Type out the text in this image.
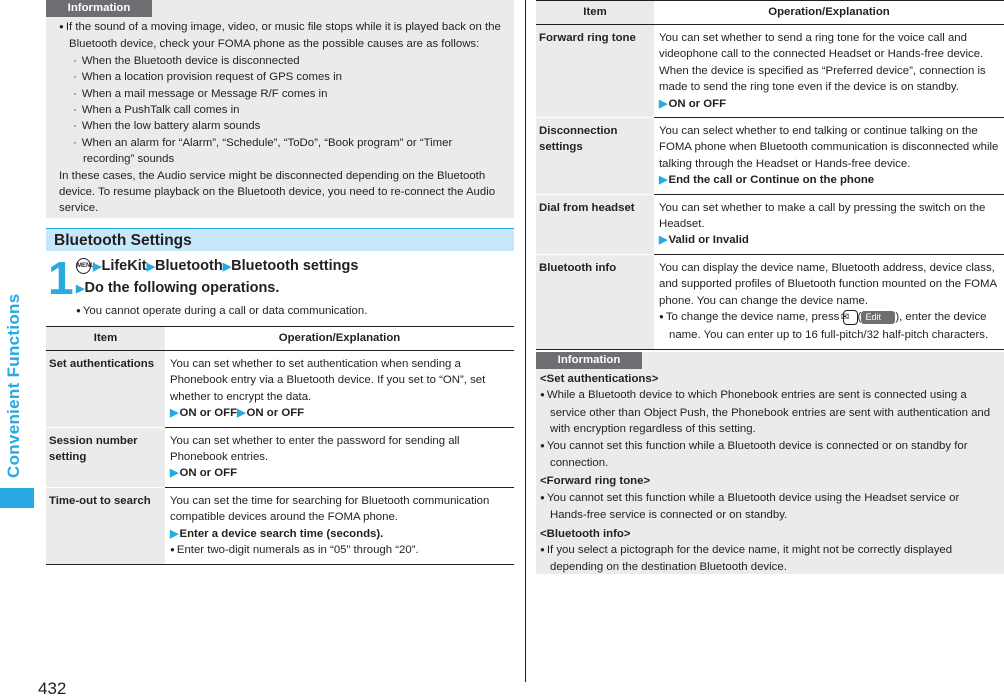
Convenient Functions
432
Information

● If the sound of a moving image, video, or music file stops while it is played back on the Bluetooth device, check your FOMA phone as the possible causes are as follows:

· When the Bluetooth device is disconnected
· When a location provision request of GPS comes in
· When a mail message or Message R/F comes in
· When a PushTalk call comes in
· When the low battery alarm sounds
· When an alarm for “Alarm”, “Schedule”, “ToDo”, “Book program” or “Timer recording” sounds

In these cases, the Audio service might be disconnected depending on the Bluetooth device. To resume playback on the Bluetooth device, you need to re-connect the Audio service.

Bluetooth Settings
1 MENU▶LifeKit▶Bluetooth▶Bluetooth settings
▶Do the following operations.
● You cannot operate during a call or data communication.
Item	Operation/Explanation
Set authentications	You can set whether to set authentication when sending a Phonebook entry via a Bluetooth device. If you set to “ON”, set whether to encrypt the data.
▶ON or OFF▶ON or OFF

Session number setting	You can set whether to enter the password for sending all Phonebook entries.
▶ON or OFF

Time-out to search	You can set the time for searching for Bluetooth communication compatible devices around the FOMA phone.
▶Enter a device search time (seconds).
● Enter two-digit numerals as in “05” through “20”.
Item	Operation/Explanation
Forward ring tone	You can set whether to send a ring tone for the voice call and videophone call to the connected Headset or Hands-free device. When the device is specified as “Preferred device”, connection is made to send the ring tone even if the device is on standby.
▶ON or OFF

Disconnection settings	You can select whether to end talking or continue talking on the FOMA phone when Bluetooth communication is disconnected while talking through the Headset or Hands-free device.
▶End the call or Continue on the phone

Dial from headset	You can set whether to make a call by pressing the switch on the Headset.
▶Valid or Invalid

Bluetooth info	You can display the device name, Bluetooth address, device class, and supported profiles of Bluetooth function mounted on the FOMA phone. You can change the device name.
● To change the device name, press ✉ ( Edit ), enter the device name. You can enter up to 16 full-pitch/32 half-pitch characters.
Information
<Set authentications>
● While a Bluetooth device to which Phonebook entries are sent is connected using a service other than Object Push, the Phonebook entries are sent with authentication and with encryption regardless of this setting.
● You cannot set this function while a Bluetooth device is connected or on standby for connection.
<Forward ring tone>
● You cannot set this function while a Bluetooth device using the Headset service or Hands-free service is connected or on standby.
<Bluetooth info>
● If you select a pictograph for the device name, it might not be correctly displayed depending on the destination Bluetooth device.
